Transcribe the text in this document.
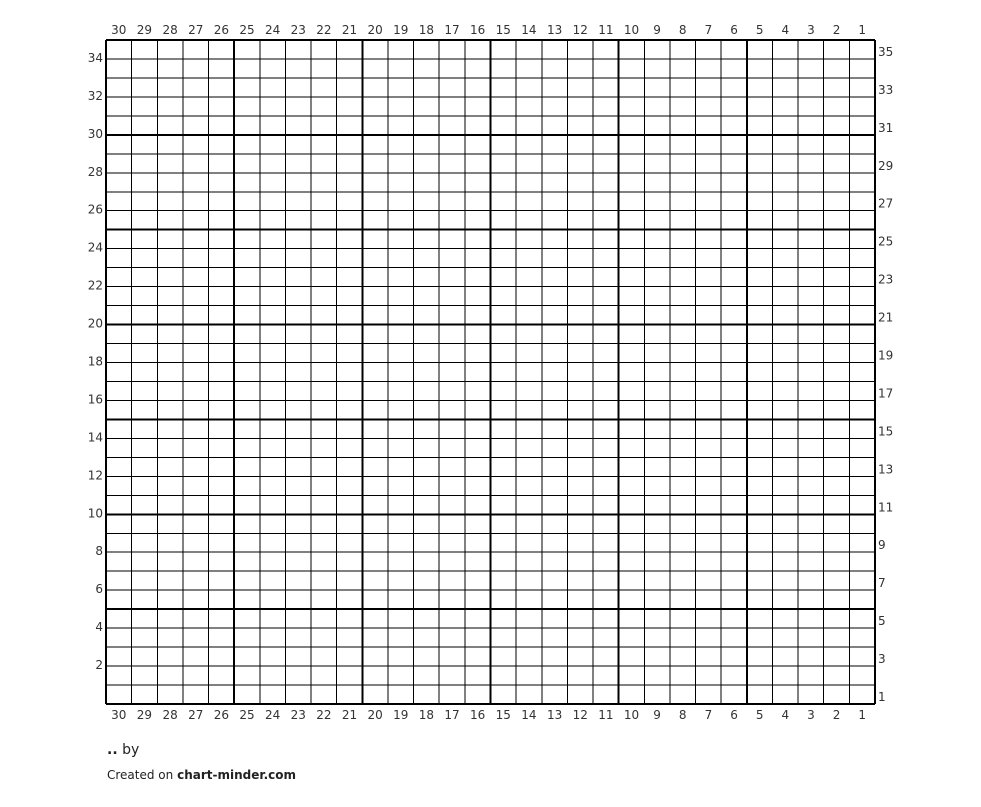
30 29 28 27 26 25 24 23 22 21 20 19 18 17 16 15 14 13 12 11 10 9 8 7 6 5 4 3 2 1
30 29 28 27 26 25 24 23 22 21 20 19 18 17 16 15 14 13 12 11 10 9 8 7 6 5 4 3 2 1
2
4
6
8
10
12
14
16
18
20
22
24
26
28
30
32
34
1
3
5
7
9
11
13
15
17
19
21
23
25
27
29
31
33
35
.. by
Created on chart-minder.com
